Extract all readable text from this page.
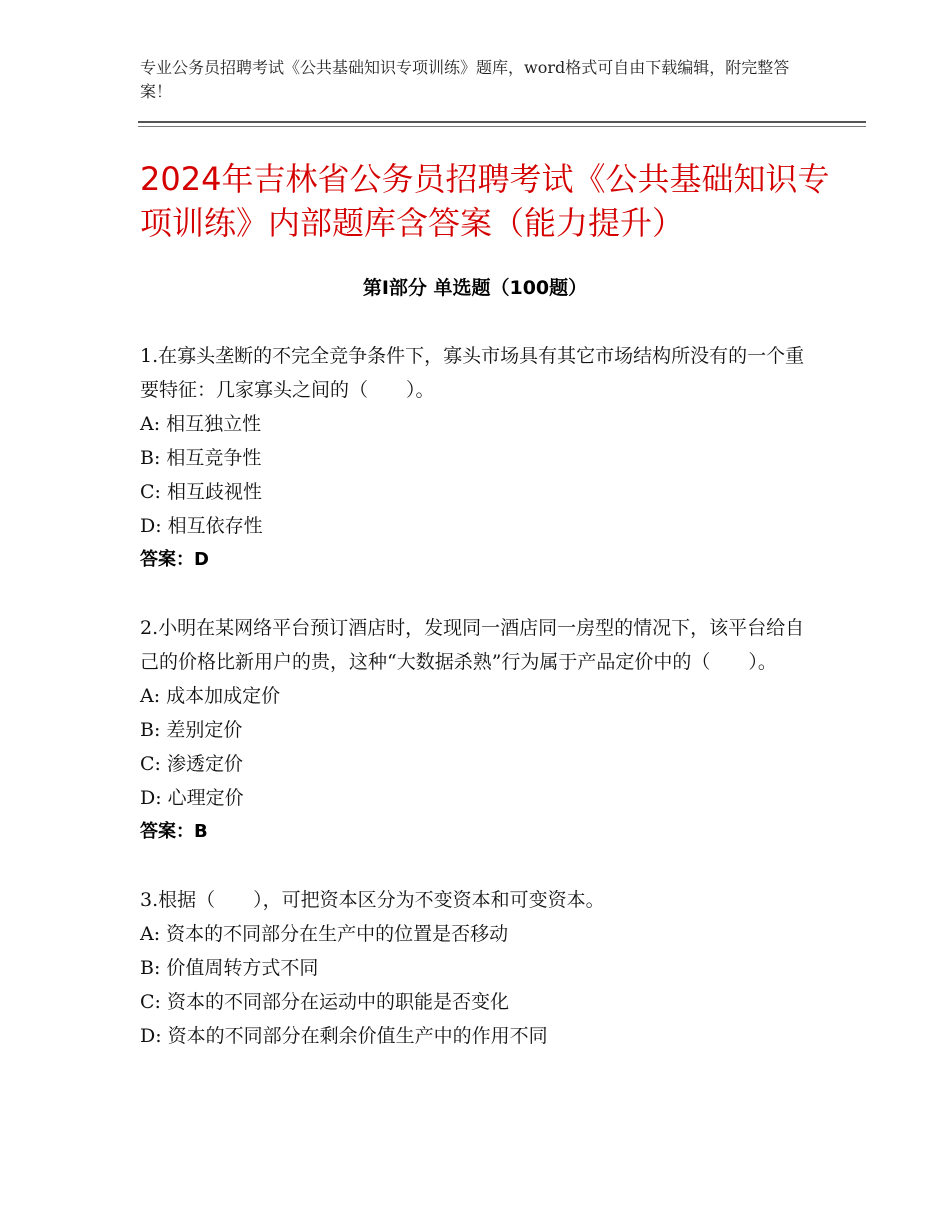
专业公务员招聘考试《公共基础知识专项训练》题库，word格式可自由下载编辑，附完整答案！
2024年吉林省公务员招聘考试《公共基础知识专项训练》内部题库含答案（能力提升）
第I部分 单选题（100题）

1.在寡头垄断的不完全竞争条件下，寡头市场具有其它市场结构所没有的一个重要特征：几家寡头之间的（　　）。

A: 相互独立性

B: 相互竞争性

C: 相互歧视性

D: 相互依存性

答案：D

2.小明在某网络平台预订酒店时，发现同一酒店同一房型的情况下，该平台给自己的价格比新用户的贵，这种“大数据杀熟”行为属于产品定价中的（　　）。

A: 成本加成定价

B: 差别定价

C: 渗透定价

D: 心理定价

答案：B

3.根据（　　），可把资本区分为不变资本和可变资本。

A: 资本的不同部分在生产中的位置是否移动

B: 价值周转方式不同

C: 资本的不同部分在运动中的职能是否变化

D: 资本的不同部分在剩余价值生产中的作用不同
